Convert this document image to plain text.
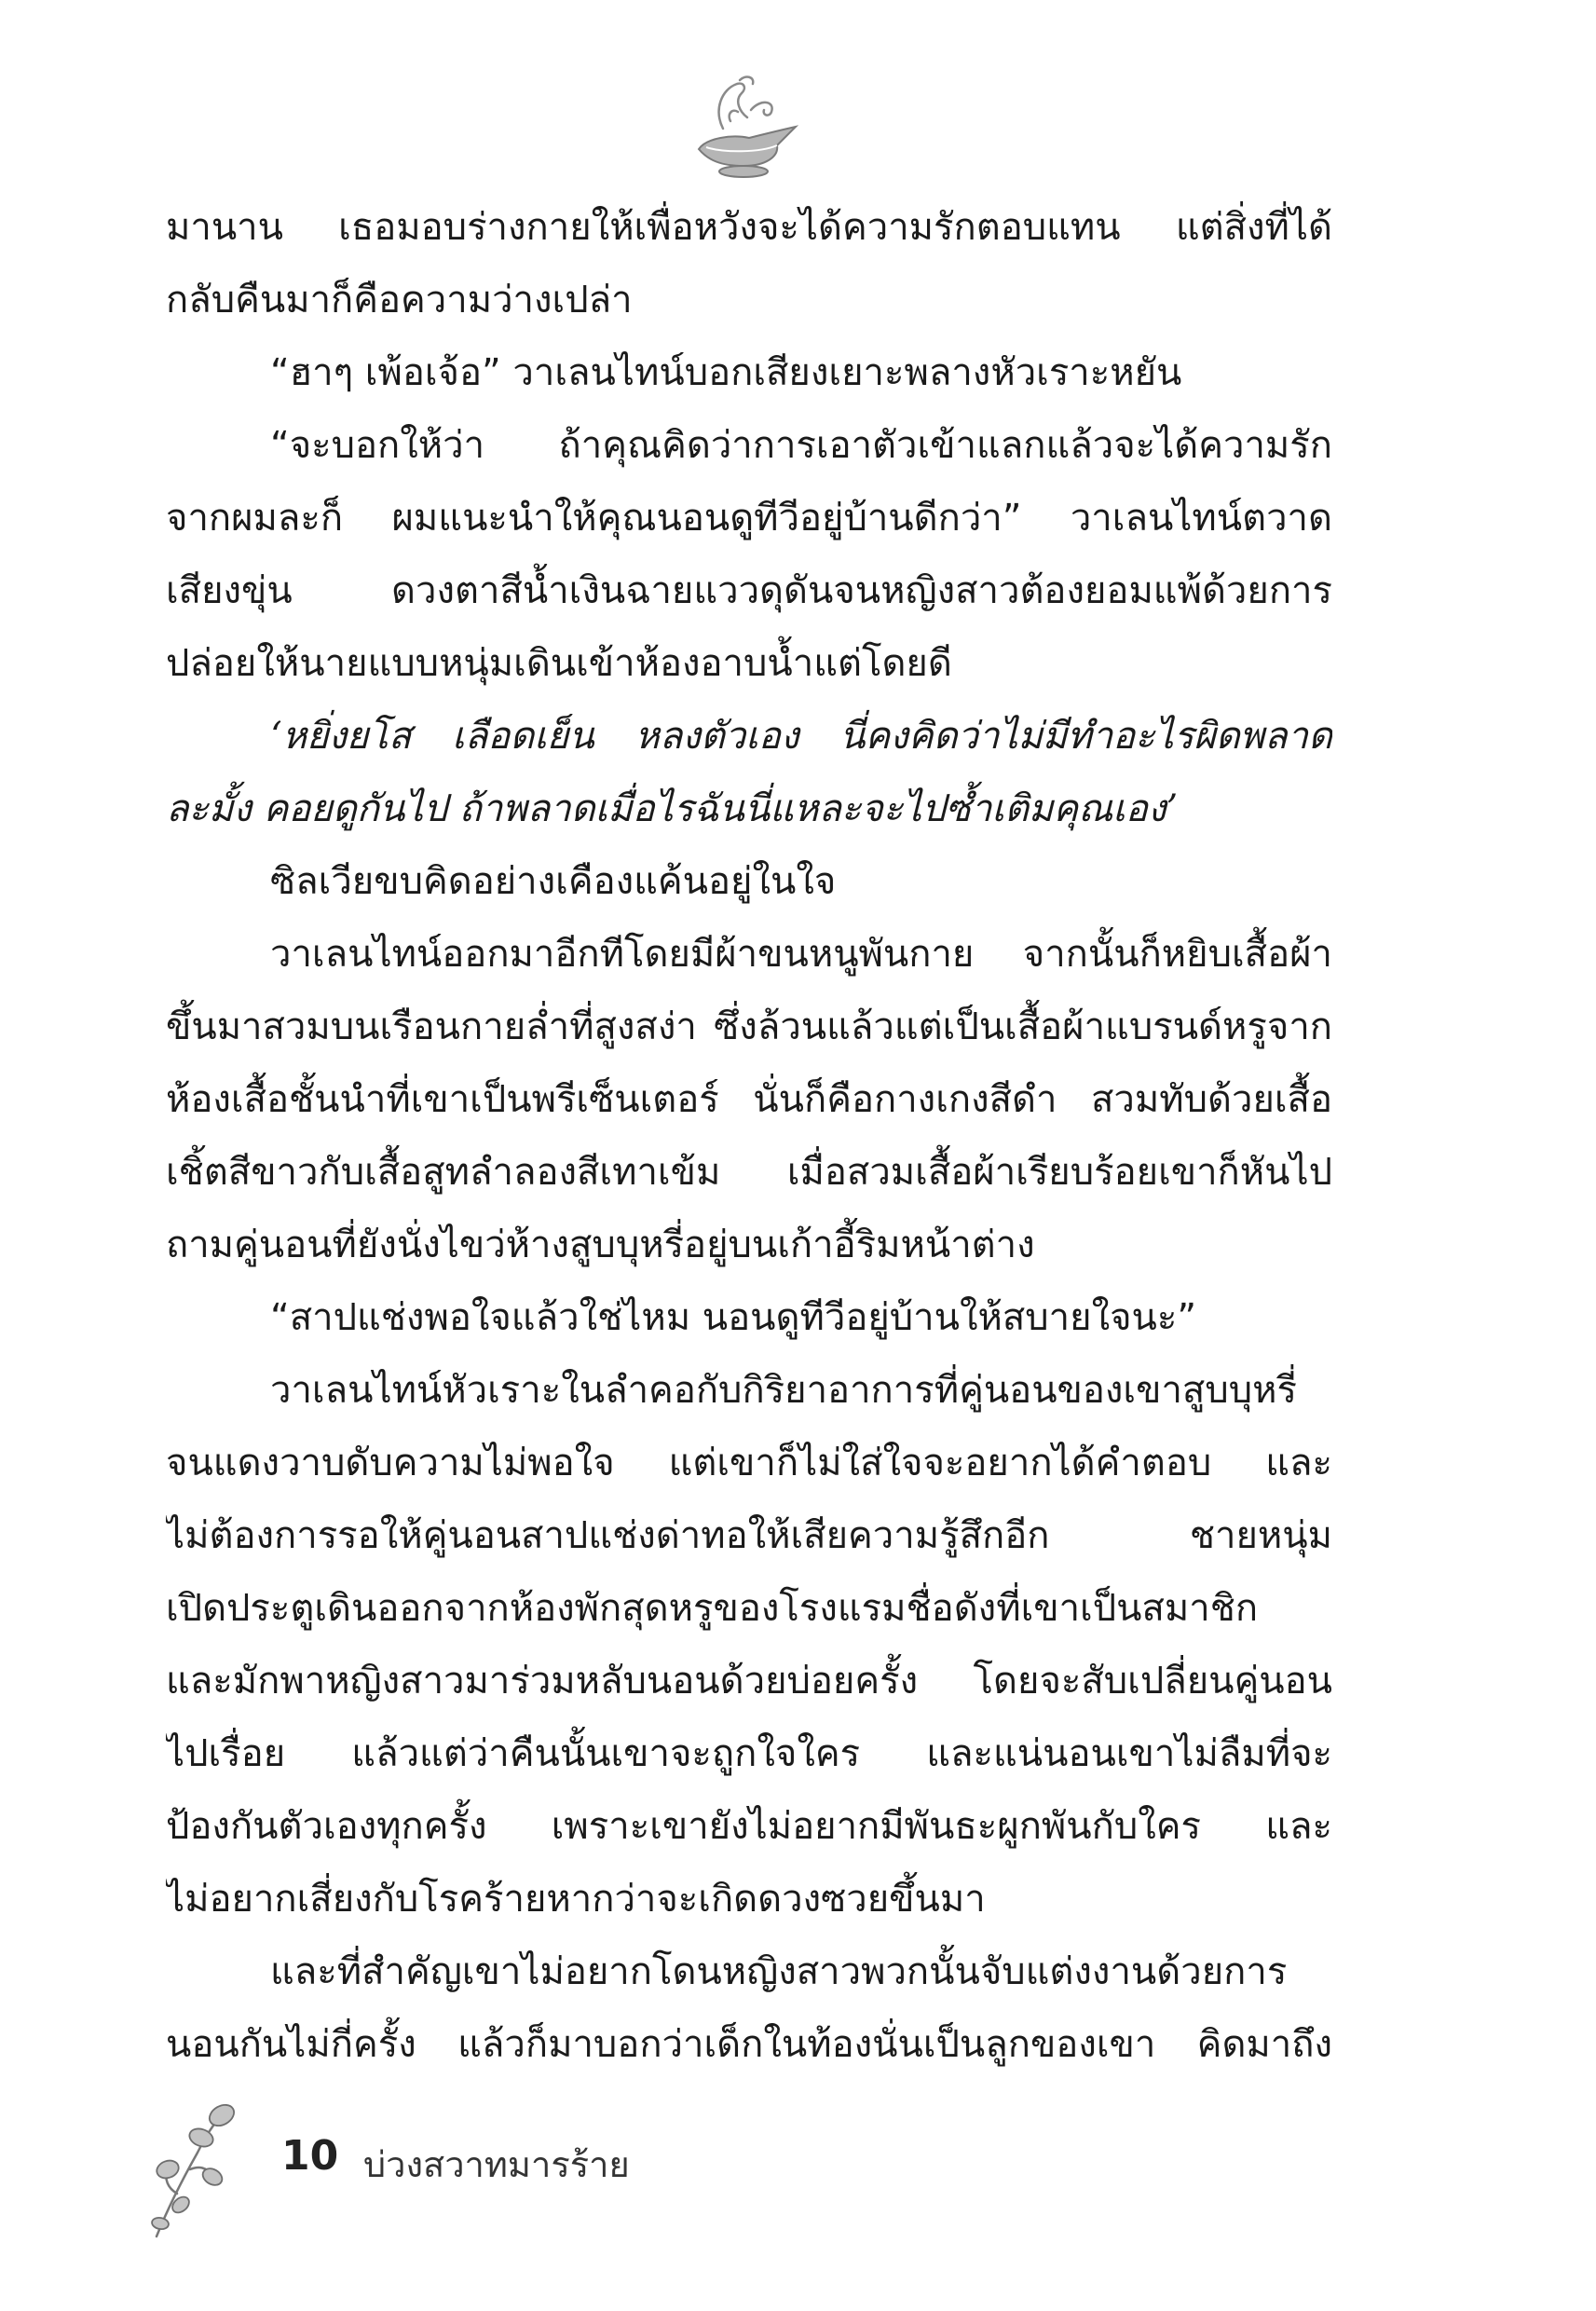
มานาน เธอมอบร่างกายให้เพื่อหวังจะได้ความรักตอบแทน แต่สิ่งที่ได้
กลับคืนมาก็คือความว่างเปล่า
“ฮาๆ เพ้อเจ้อ” วาเลนไทน์บอกเสียงเยาะพลางหัวเราะหยัน
“จะบอกให้ว่า ถ้าคุณคิดว่าการเอาตัวเข้าแลกแล้วจะได้ความรัก
จากผมละก็ ผมแนะนำให้คุณนอนดูทีวีอยู่บ้านดีกว่า” วาเลนไทน์ตวาด
เสียงขุ่น ดวงตาสีน้ำเงินฉายแววดุดันจนหญิงสาวต้องยอมแพ้ด้วยการ
ปล่อยให้นายแบบหนุ่มเดินเข้าห้องอาบน้ำแต่โดยดี
‘หยิ่งยโส เลือดเย็น หลงตัวเอง นี่คงคิดว่าไม่มีทำอะไรผิดพลาด
ละมั้ง คอยดูกันไป ถ้าพลาดเมื่อไรฉันนี่แหละจะไปซ้ำเติมคุณเอง’
ซิลเวียขบคิดอย่างเคืองแค้นอยู่ในใจ
วาเลนไทน์ออกมาอีกทีโดยมีผ้าขนหนูพันกาย จากนั้นก็หยิบเสื้อผ้า
ขึ้นมาสวมบนเรือนกายล่ำที่สูงสง่า ซึ่งล้วนแล้วแต่เป็นเสื้อผ้าแบรนด์หรูจาก
ห้องเสื้อชั้นนำที่เขาเป็นพรีเซ็นเตอร์ นั่นก็คือกางเกงสีดำ สวมทับด้วยเสื้อ
เชิ้ตสีขาวกับเสื้อสูทลำลองสีเทาเข้ม เมื่อสวมเสื้อผ้าเรียบร้อยเขาก็หันไป
ถามคู่นอนที่ยังนั่งไขว่ห้างสูบบุหรี่อยู่บนเก้าอี้ริมหน้าต่าง
“สาปแช่งพอใจแล้วใช่ไหม นอนดูทีวีอยู่บ้านให้สบายใจนะ”
วาเลนไทน์หัวเราะในลำคอกับกิริยาอาการที่คู่นอนของเขาสูบบุหรี่
จนแดงวาบดับความไม่พอใจ แต่เขาก็ไม่ใส่ใจจะอยากได้คำตอบ และ
ไม่ต้องการรอให้คู่นอนสาปแช่งด่าทอให้เสียความรู้สึกอีก ชายหนุ่ม
เปิดประตูเดินออกจากห้องพักสุดหรูของโรงแรมชื่อดังที่เขาเป็นสมาชิก
และมักพาหญิงสาวมาร่วมหลับนอนด้วยบ่อยครั้ง โดยจะสับเปลี่ยนคู่นอน
ไปเรื่อย แล้วแต่ว่าคืนนั้นเขาจะถูกใจใคร และแน่นอนเขาไม่ลืมที่จะ
ป้องกันตัวเองทุกครั้ง เพราะเขายังไม่อยากมีพันธะผูกพันกับใคร และ
ไม่อยากเสี่ยงกับโรคร้ายหากว่าจะเกิดดวงซวยขึ้นมา
และที่สำคัญเขาไม่อยากโดนหญิงสาวพวกนั้นจับแต่งงานด้วยการ
นอนกันไม่กี่ครั้ง แล้วก็มาบอกว่าเด็กในท้องนั่นเป็นลูกของเขา คิดมาถึง
10 บ่วงสวาทมารร้าย
